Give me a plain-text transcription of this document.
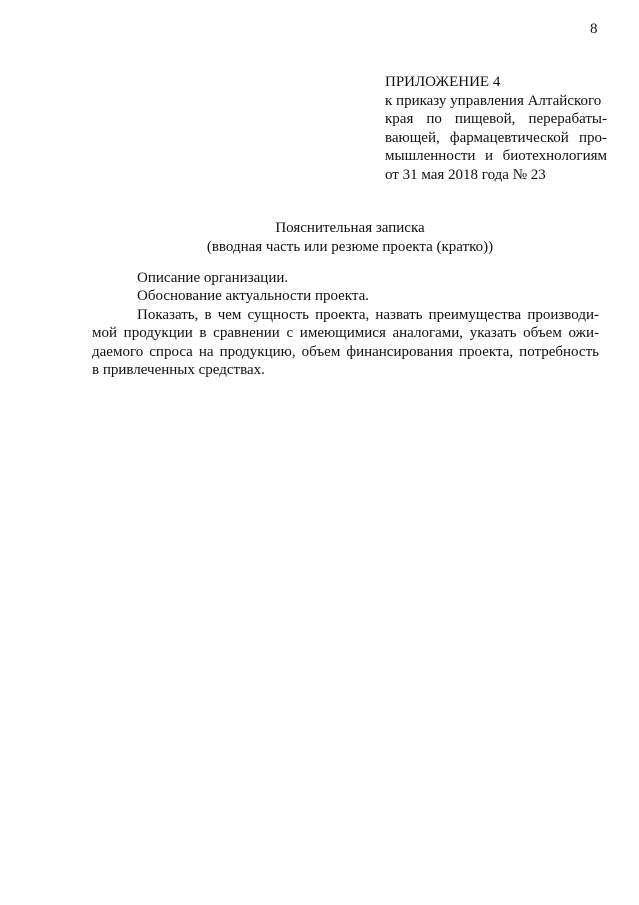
8
ПРИЛОЖЕНИЕ 4
к приказу управления Алтайского
края по пищевой, перерабаты-
вающей, фармацевтической про-
мышленности и биотехнологиям
от 31 мая 2018 года № 23
Пояснительная записка
(вводная часть или резюме проекта (кратко))
Описание организации.
Обоснование актуальности проекта.
Показать, в чем сущность проекта, назвать преимущества производи-
мой продукции в сравнении с имеющимися аналогами, указать объем ожи-
даемого спроса на продукцию, объем финансирования проекта, потребность
в привлеченных средствах.
